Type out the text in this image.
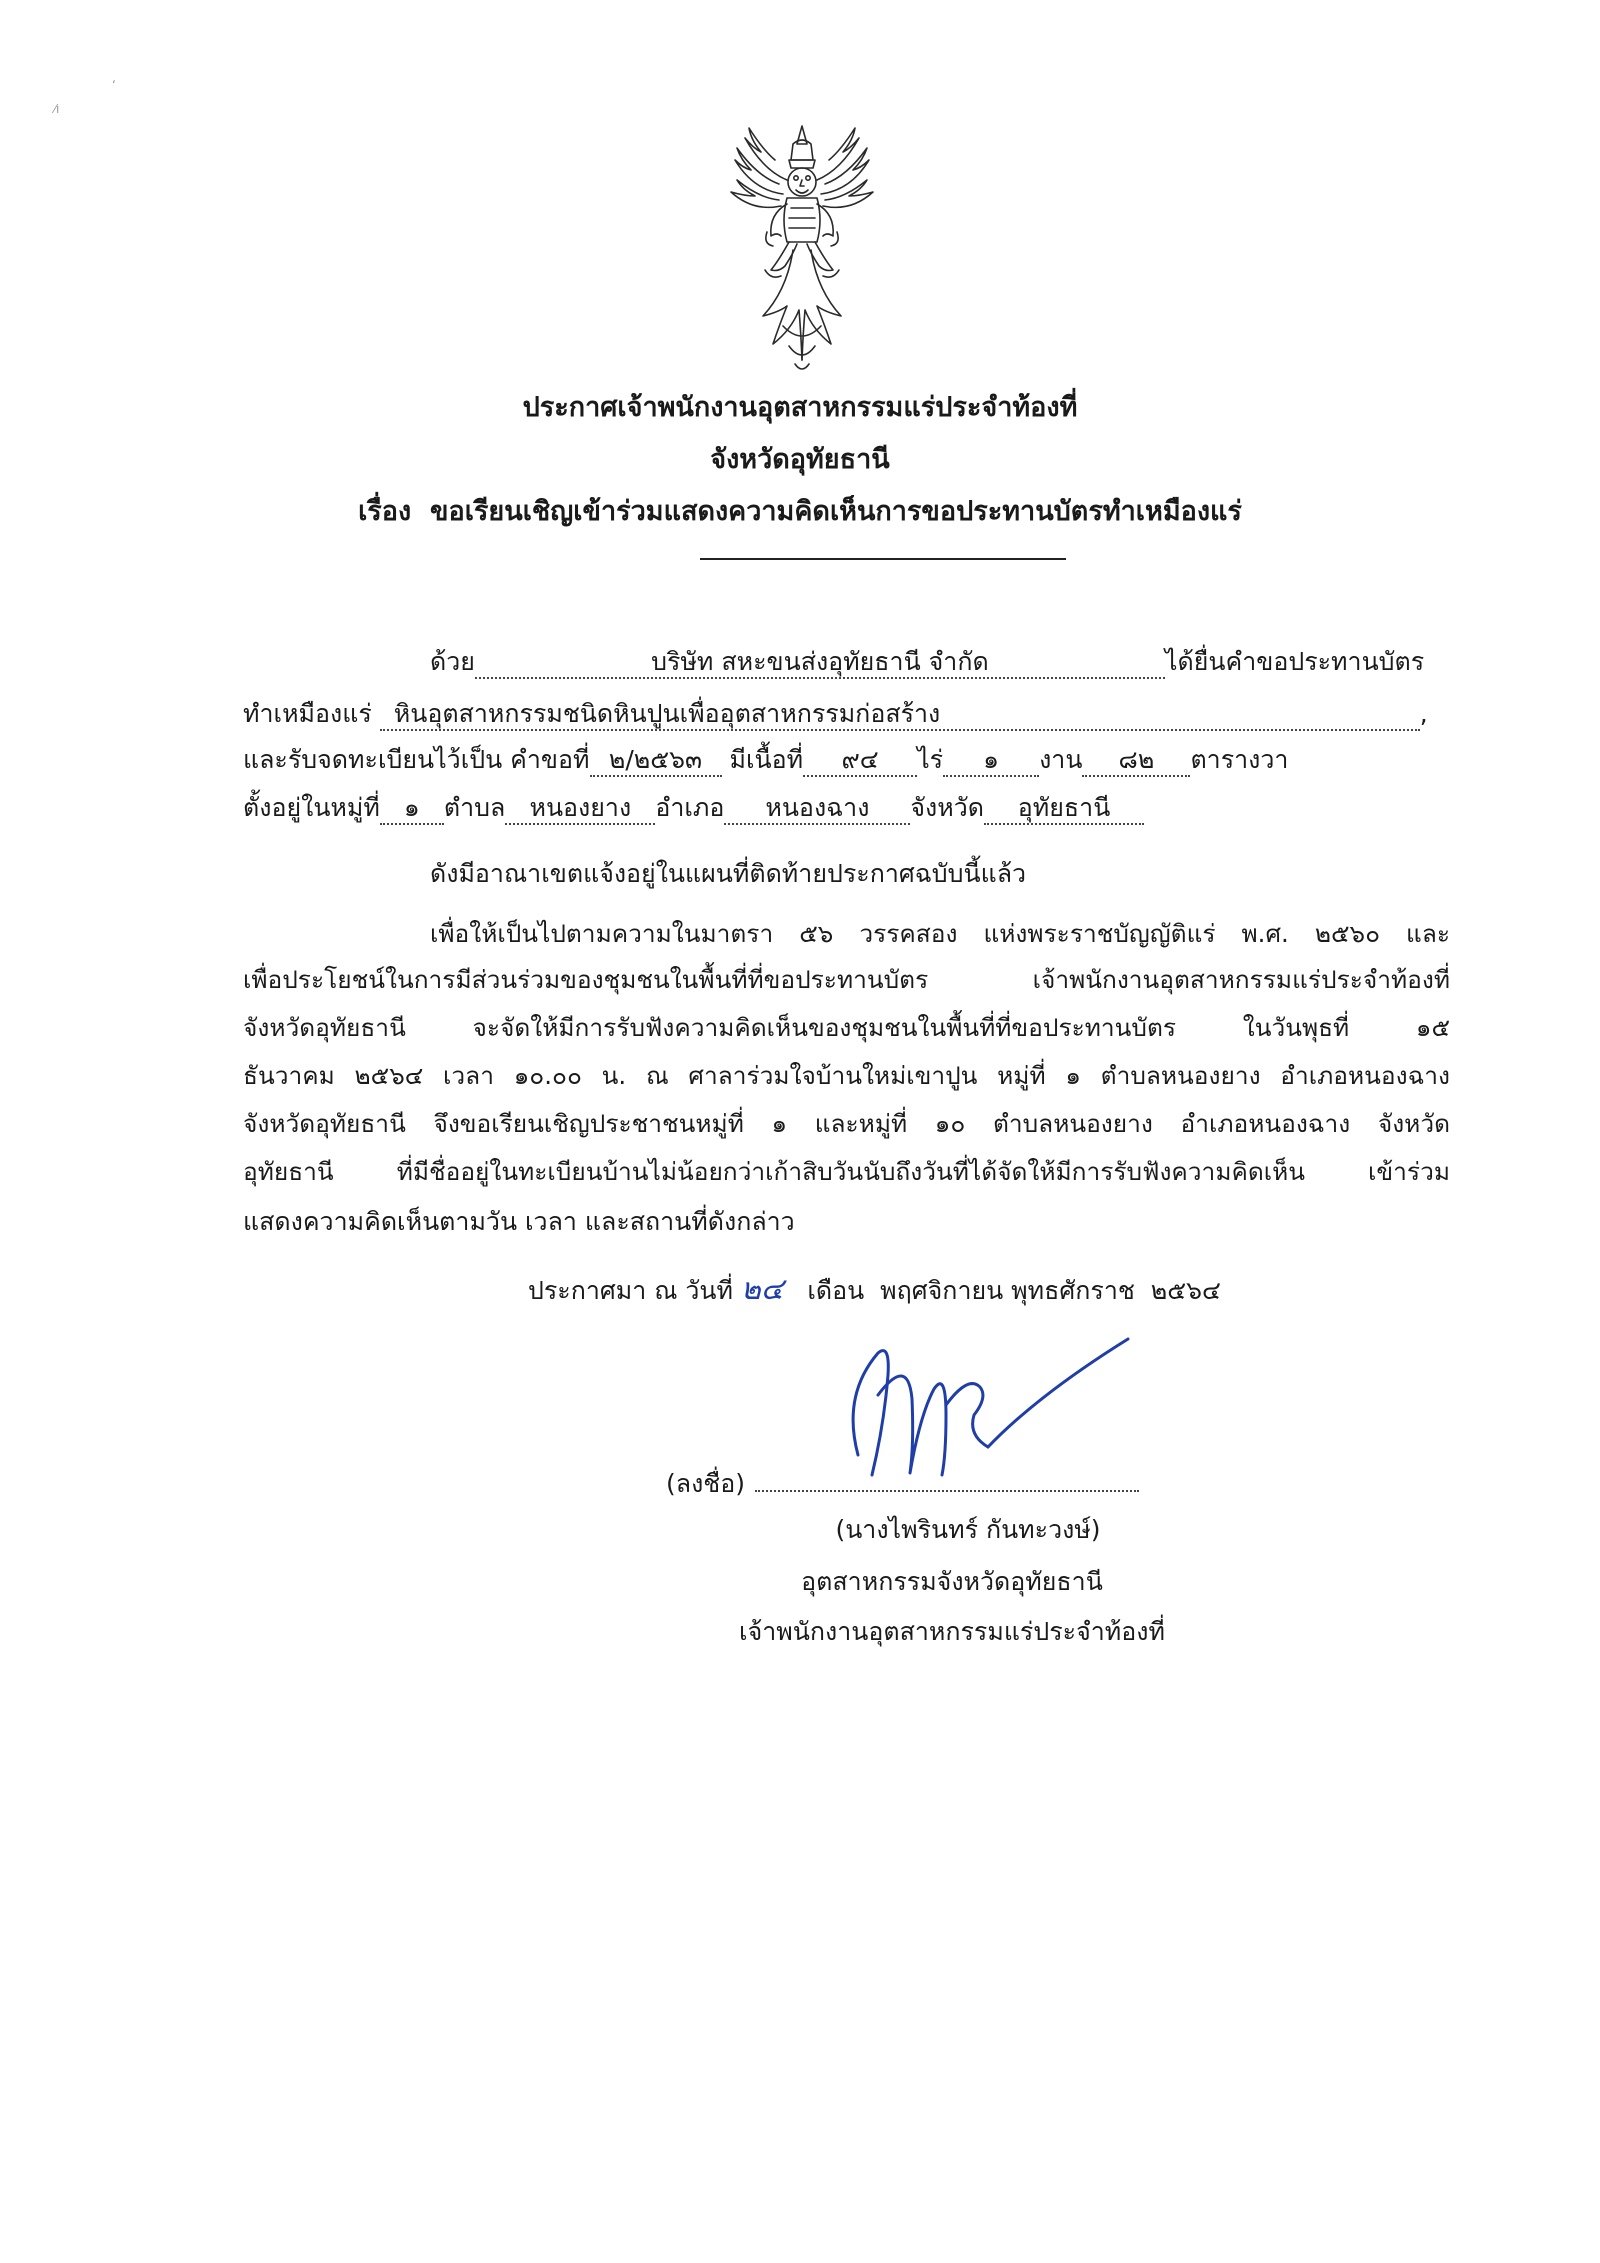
⁄ı
ʻ
ประกาศเจ้าพนักงานอุตสาหกรรมแร่ประจำท้องที่
จังหวัดอุทัยธานี
เรื่อง ขอเรียนเชิญเข้าร่วมแสดงความคิดเห็นการขอประทานบัตรทำเหมืองแร่
ด้วย	บริษัท สหะขนส่งอุทัยธานี จำกัด	ได้ยื่นคำขอประทานบัตร
ทำเหมืองแร่ หินอุตสาหกรรมชนิดหินปูนเพื่ออุตสาหกรรมก่อสร้าง	,
และรับจดทะเบียนไว้เป็น คำขอที่ ๒/๒๕๖๓ มีเนื้อที่ ๙๔ ไร่ ๑ งาน ๘๒ ตารางวา
ตั้งอยู่ในหมู่ที่ ๑ ตำบล หนองยาง อำเภอ หนองฉาง จังหวัด อุทัยธานี
ดังมีอาณาเขตแจ้งอยู่ในแผนที่ติดท้ายประกาศฉบับนี้แล้ว
เพื่อให้เป็นไปตามความในมาตรา ๕๖ วรรคสอง แห่งพระราชบัญญัติแร่ พ.ศ. ๒๕๖๐ และ
เพื่อประโยชน์ในการมีส่วนร่วมของชุมชนในพื้นที่ที่ขอประทานบัตร เจ้าพนักงานอุตสาหกรรมแร่ประจำท้องที่
จังหวัดอุทัยธานี จะจัดให้มีการรับฟังความคิดเห็นของชุมชนในพื้นที่ที่ขอประทานบัตร ในวันพุธที่ ๑๕
ธันวาคม ๒๕๖๔ เวลา ๑๐.๐๐ น. ณ ศาลาร่วมใจบ้านใหม่เขาปูน หมู่ที่ ๑ ตำบลหนองยาง อำเภอหนองฉาง
จังหวัดอุทัยธานี จึงขอเรียนเชิญประชาชนหมู่ที่ ๑ และหมู่ที่ ๑๐ ตำบลหนองยาง อำเภอหนองฉาง จังหวัด
อุทัยธานี ที่มีชื่ออยู่ในทะเบียนบ้านไม่น้อยกว่าเก้าสิบวันนับถึงวันที่ได้จัดให้มีการรับฟังความคิดเห็น เข้าร่วม
แสดงความคิดเห็นตามวัน เวลา และสถานที่ดังกล่าว
ประกาศมา ณ วันที่ ๒๔ เดือน พฤศจิกายน พุทธศักราช ๒๕๖๔
(ลงชื่อ)
(นางไพรินทร์ กันทะวงษ์)
อุตสาหกรรมจังหวัดอุทัยธานี
เจ้าพนักงานอุตสาหกรรมแร่ประจำท้องที่
